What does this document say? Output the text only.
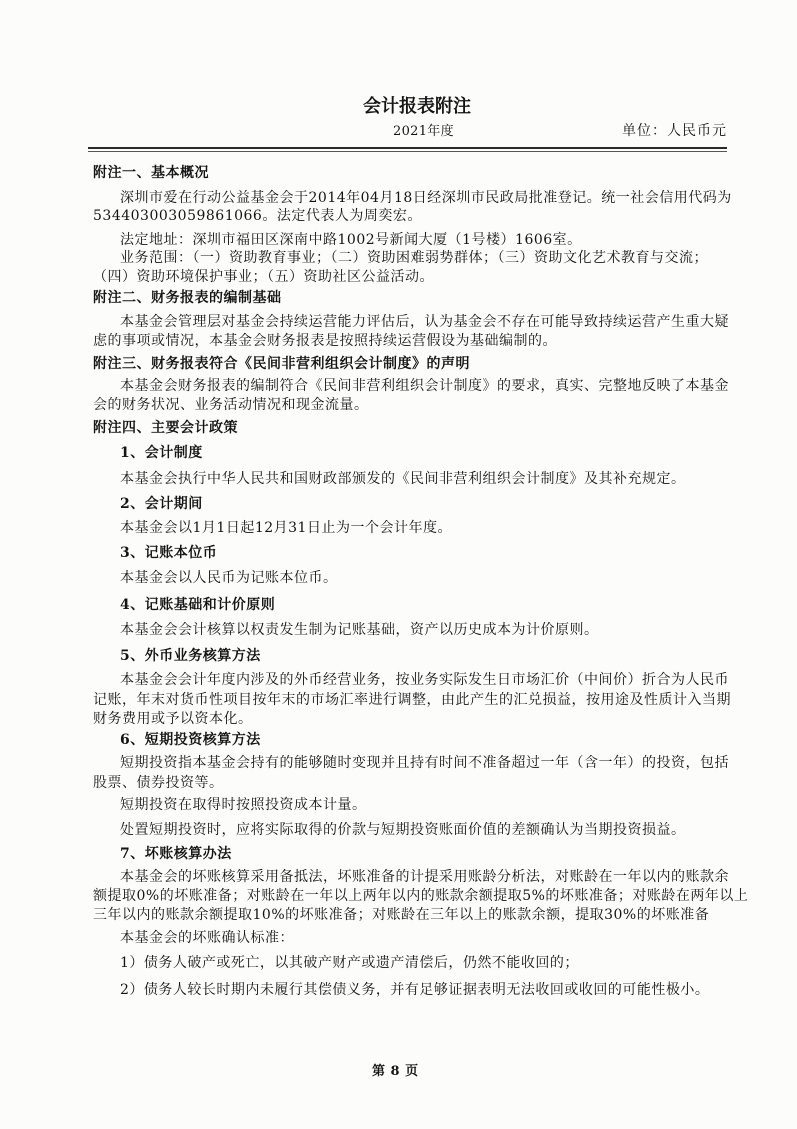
会计报表附注
2021年度	单位：人民币元
附注一、基本概况
深圳市爱在行动公益基金会于2014年04月18日经深圳市民政局批准登记。统一社会信用代码为
534403003059861066。法定代表人为周奕宏。
法定地址：深圳市福田区深南中路1002号新闻大厦（1号楼）1606室。
业务范围：（一）资助教育事业；（二）资助困难弱势群体；（三）资助文化艺术教育与交流；
（四）资助环境保护事业；（五）资助社区公益活动。
附注二、财务报表的编制基础
本基金会管理层对基金会持续运营能力评估后，认为基金会不存在可能导致持续运营产生重大疑
虑的事项或情况，本基金会财务报表是按照持续运营假设为基础编制的。
附注三、财务报表符合《民间非营利组织会计制度》的声明
本基金会财务报表的编制符合《民间非营利组织会计制度》的要求，真实、完整地反映了本基金
会的财务状况、业务活动情况和现金流量。
附注四、主要会计政策
1、会计制度
本基金会执行中华人民共和国财政部颁发的《民间非营利组织会计制度》及其补充规定。
2、会计期间
本基金会以1月1日起12月31日止为一个会计年度。
3、记账本位币
本基金会以人民币为记账本位币。
4、记账基础和计价原则
本基金会会计核算以权责发生制为记账基础，资产以历史成本为计价原则。
5、外币业务核算方法
本基金会会计年度内涉及的外币经营业务，按业务实际发生日市场汇价（中间价）折合为人民币
记账，年末对货币性项目按年末的市场汇率进行调整，由此产生的汇兑损益，按用途及性质计入当期
财务费用或予以资本化。
6、短期投资核算方法
短期投资指本基金会持有的能够随时变现并且持有时间不准备超过一年（含一年）的投资，包括
股票、债券投资等。
短期投资在取得时按照投资成本计量。
处置短期投资时，应将实际取得的价款与短期投资账面价值的差额确认为当期投资损益。
7、坏账核算办法
本基金会的坏账核算采用备抵法，坏账准备的计提采用账龄分析法，对账龄在一年以内的账款余
额提取0%的坏账准备；对账龄在一年以上两年以内的账款余额提取5%的坏账准备；对账龄在两年以上
三年以内的账款余额提取10%的坏账准备；对账龄在三年以上的账款余额，提取30%的坏账准备
本基金会的坏账确认标准：
1）债务人破产或死亡，以其破产财产或遗产清偿后，仍然不能收回的；
2）债务人较长时期内未履行其偿债义务，并有足够证据表明无法收回或收回的可能性极小。
第 8 页
